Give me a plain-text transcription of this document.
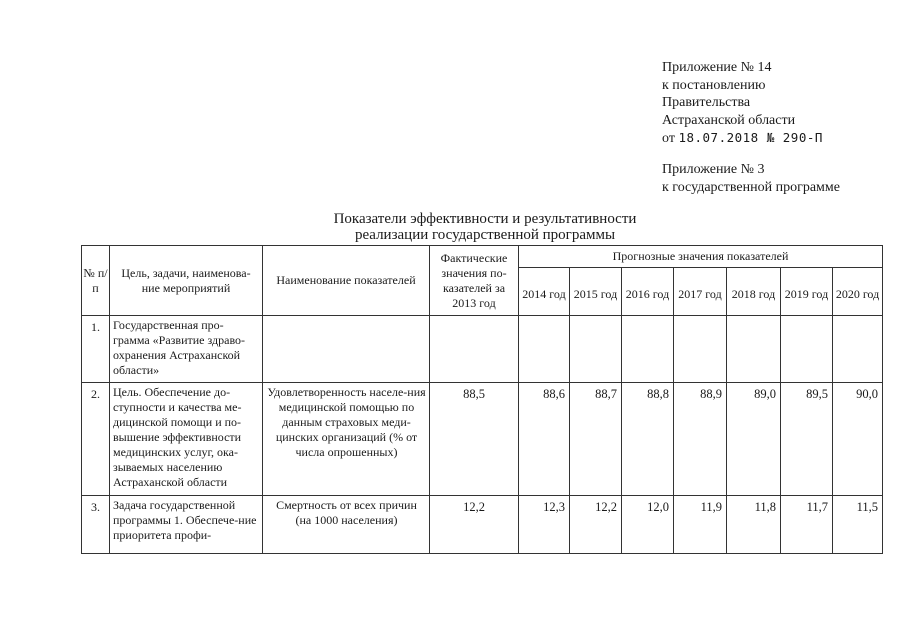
Приложение № 14
к постановлению
Правительства
Астраханской области
от 18.07.2018 № 290-П
Приложение № 3
к государственной программе
Показатели эффективности и результативности
реализации государственной программы
№ п/п	Цель, задачи, наименова-ние мероприятий	Наименование показателей	Фактические значения по-казателей за 2013 год	Прогнозные значения показателей						
				2014 год	2015 год	2016 год	2017 год	2018 год	2019 год	2020 год
1.	Государственная про-грамма «Развитие здраво-охранения Астраханской области»									
2.	Цель. Обеспечение до-ступности и качества ме-дицинской помощи и по-вышение эффективности медицинских услуг, ока-зываемых населению Астраханской области	Удовлетворенность населе-ния медицинской помощью по данным страховых меди-цинских организаций (% от числа опрошенных)	88,5	88,6	88,7	88,8	88,9	89,0	89,5	90,0
3.	Задача государственной программы 1. Обеспече-ние приоритета профи-	Смертность от всех причин (на 1000 населения)	12,2	12,3	12,2	12,0	11,9	11,8	11,7	11,5
